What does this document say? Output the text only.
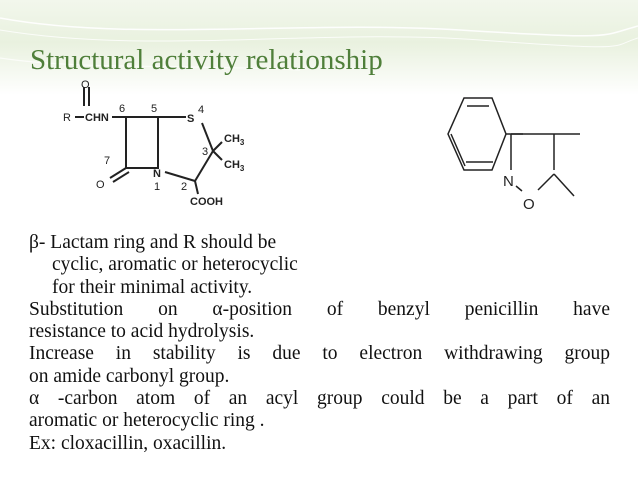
Structural activity relationship
O
R CHN
6 5
S
4
3
$CH_3$
$CH_3$
7
O
N
1 2
COOH
N
O
β- Lactam ring and R should be
cyclic, aromatic or heterocyclic
for their minimal activity.
Substitution on α-position of benzyl penicillin have
resistance to acid hydrolysis.
Increase in stability is due to electron withdrawing group
on amide carbonyl group.
α -carbon atom of an acyl group could be a part of an
aromatic or heterocyclic ring .
Ex: cloxacillin, oxacillin.
